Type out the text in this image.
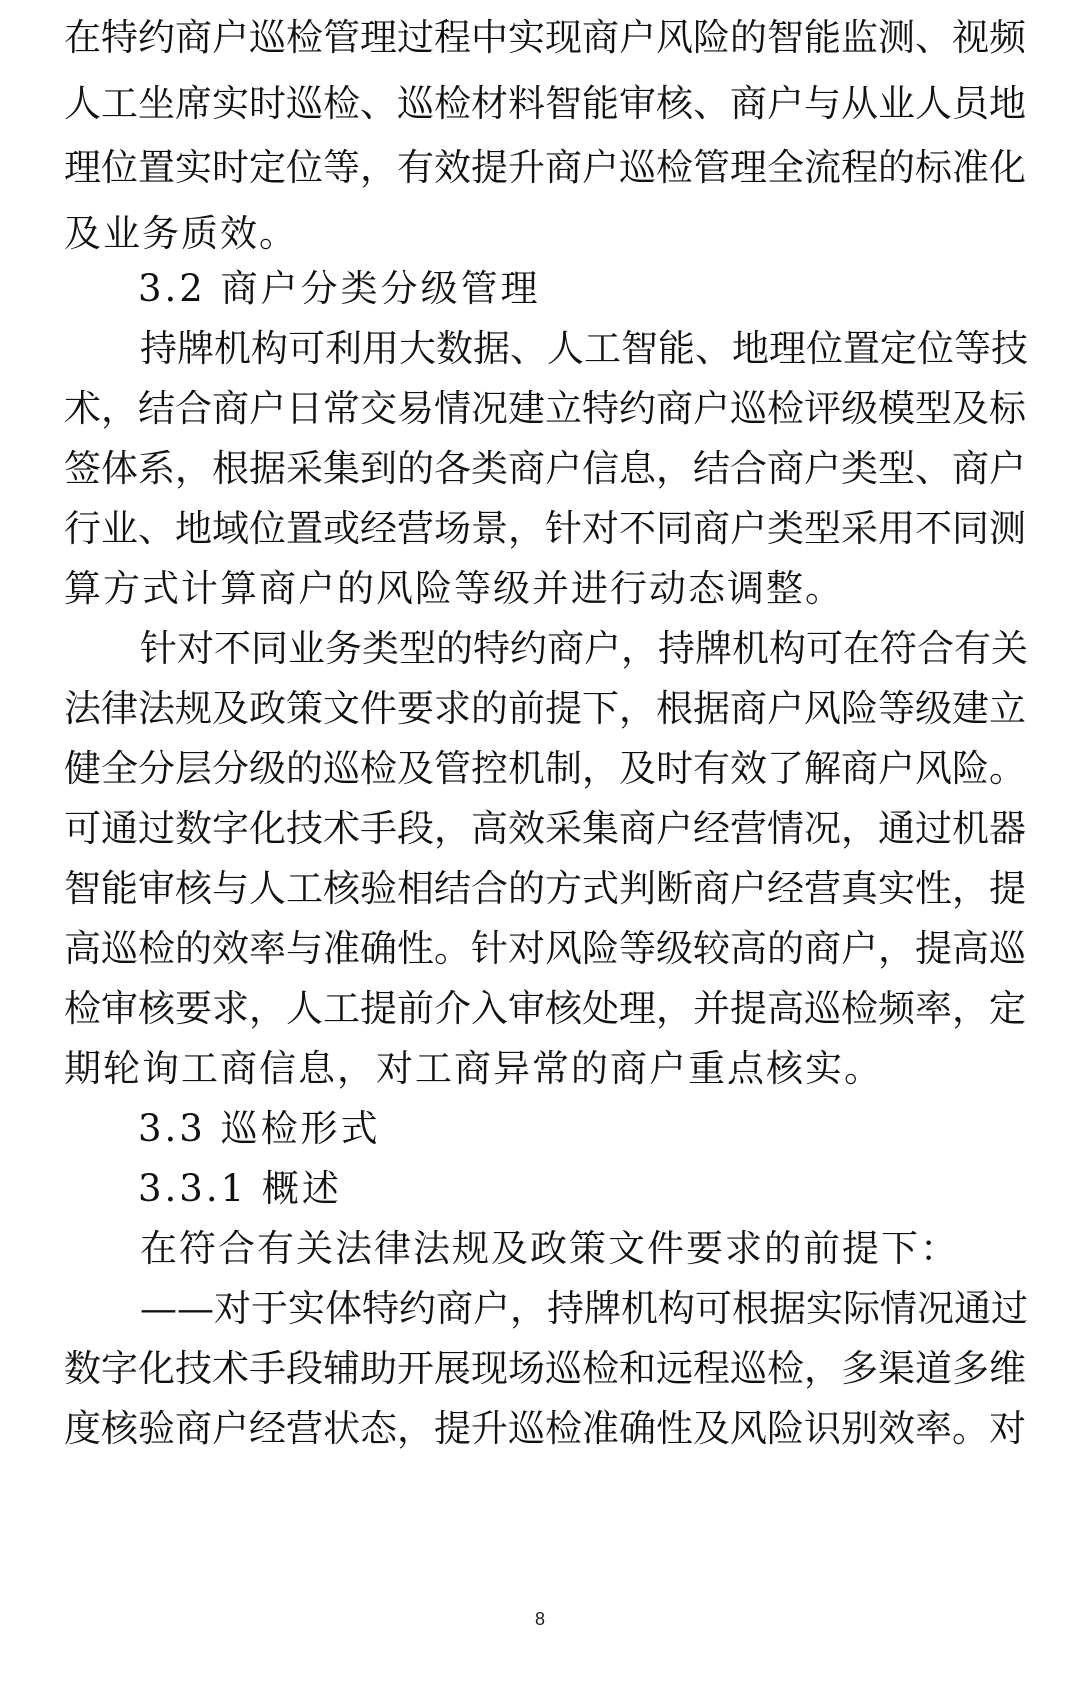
在特约商户巡检管理过程中实现商户风险的智能监测、视频

人工坐席实时巡检、巡检材料智能审核、商户与从业人员地

理位置实时定位等，有效提升商户巡检管理全流程的标准化

及业务质效。

3.2 商户分类分级管理

持牌机构可利用大数据、人工智能、地理位置定位等技

术，结合商户日常交易情况建立特约商户巡检评级模型及标

签体系，根据采集到的各类商户信息，结合商户类型、商户

行业、地域位置或经营场景，针对不同商户类型采用不同测

算方式计算商户的风险等级并进行动态调整。

针对不同业务类型的特约商户，持牌机构可在符合有关

法律法规及政策文件要求的前提下，根据商户风险等级建立

健全分层分级的巡检及管控机制，及时有效了解商户风险。

可通过数字化技术手段，高效采集商户经营情况，通过机器

智能审核与人工核验相结合的方式判断商户经营真实性，提

高巡检的效率与准确性。针对风险等级较高的商户，提高巡

检审核要求，人工提前介入审核处理，并提高巡检频率，定

期轮询工商信息，对工商异常的商户重点核实。

3.3 巡检形式

3.3.1 概述

在符合有关法律法规及政策文件要求的前提下：

——对于实体特约商户，持牌机构可根据实际情况通过

数字化技术手段辅助开展现场巡检和远程巡检，多渠道多维

度核验商户经营状态，提升巡检准确性及风险识别效率。对

8
